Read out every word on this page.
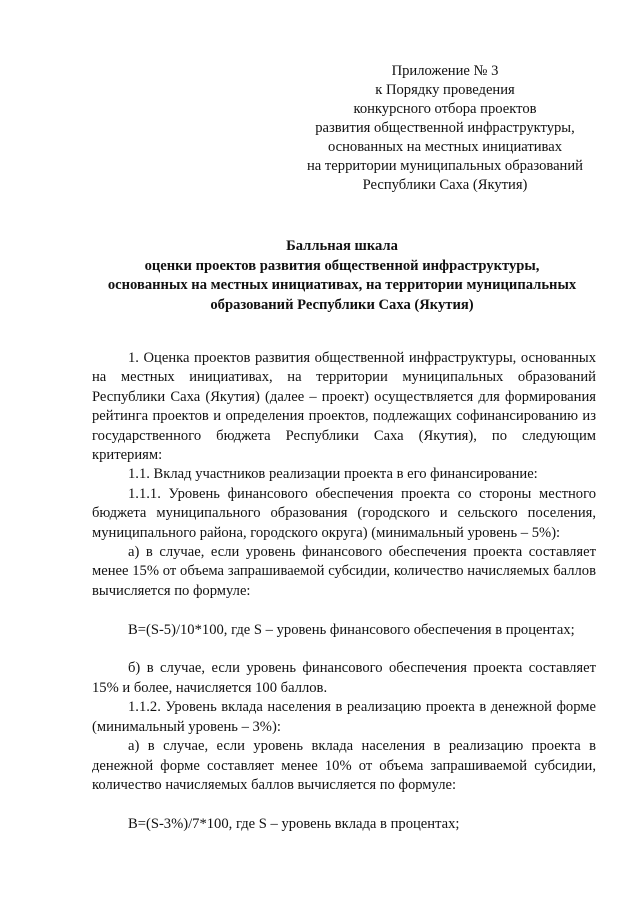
Приложение № 3
к Порядку проведения
конкурсного отбора проектов
развития общественной инфраструктуры,
основанных на местных инициативах
на территории муниципальных образований
Республики Саха (Якутия)
Балльная шкала
оценки проектов развития общественной инфраструктуры,
основанных на местных инициативах, на территории муниципальных
образований Республики Саха (Якутия)

1. Оценка проектов развития общественной инфраструктуры, основанных на местных инициативах, на территории муниципальных образований Республики Саха (Якутия) (далее – проект) осуществляется для формирования рейтинга проектов и определения проектов, подлежащих софинансированию из государственного бюджета Республики Саха (Якутия), по следующим критериям:

1.1. Вклад участников реализации проекта в его финансирование:

1.1.1. Уровень финансового обеспечения проекта со стороны местного бюджета муниципального образования (городского и сельского поселения, муниципального района, городского округа) (минимальный уровень – 5%):

а) в случае, если уровень финансового обеспечения проекта составляет менее 15% от объема запрашиваемой субсидии, количество начисляемых баллов вычисляется по формуле:

B=(S-5)/10*100, где S – уровень финансового обеспечения в процентах;

б) в случае, если уровень финансового обеспечения проекта составляет 15% и более, начисляется 100 баллов.

1.1.2. Уровень вклада населения в реализацию проекта в денежной форме (минимальный уровень – 3%):

а) в случае, если уровень вклада населения в реализацию проекта в денежной форме составляет менее 10% от объема запрашиваемой субсидии, количество начисляемых баллов вычисляется по формуле:

B=(S-3%)/7*100, где S – уровень вклада в процентах;
